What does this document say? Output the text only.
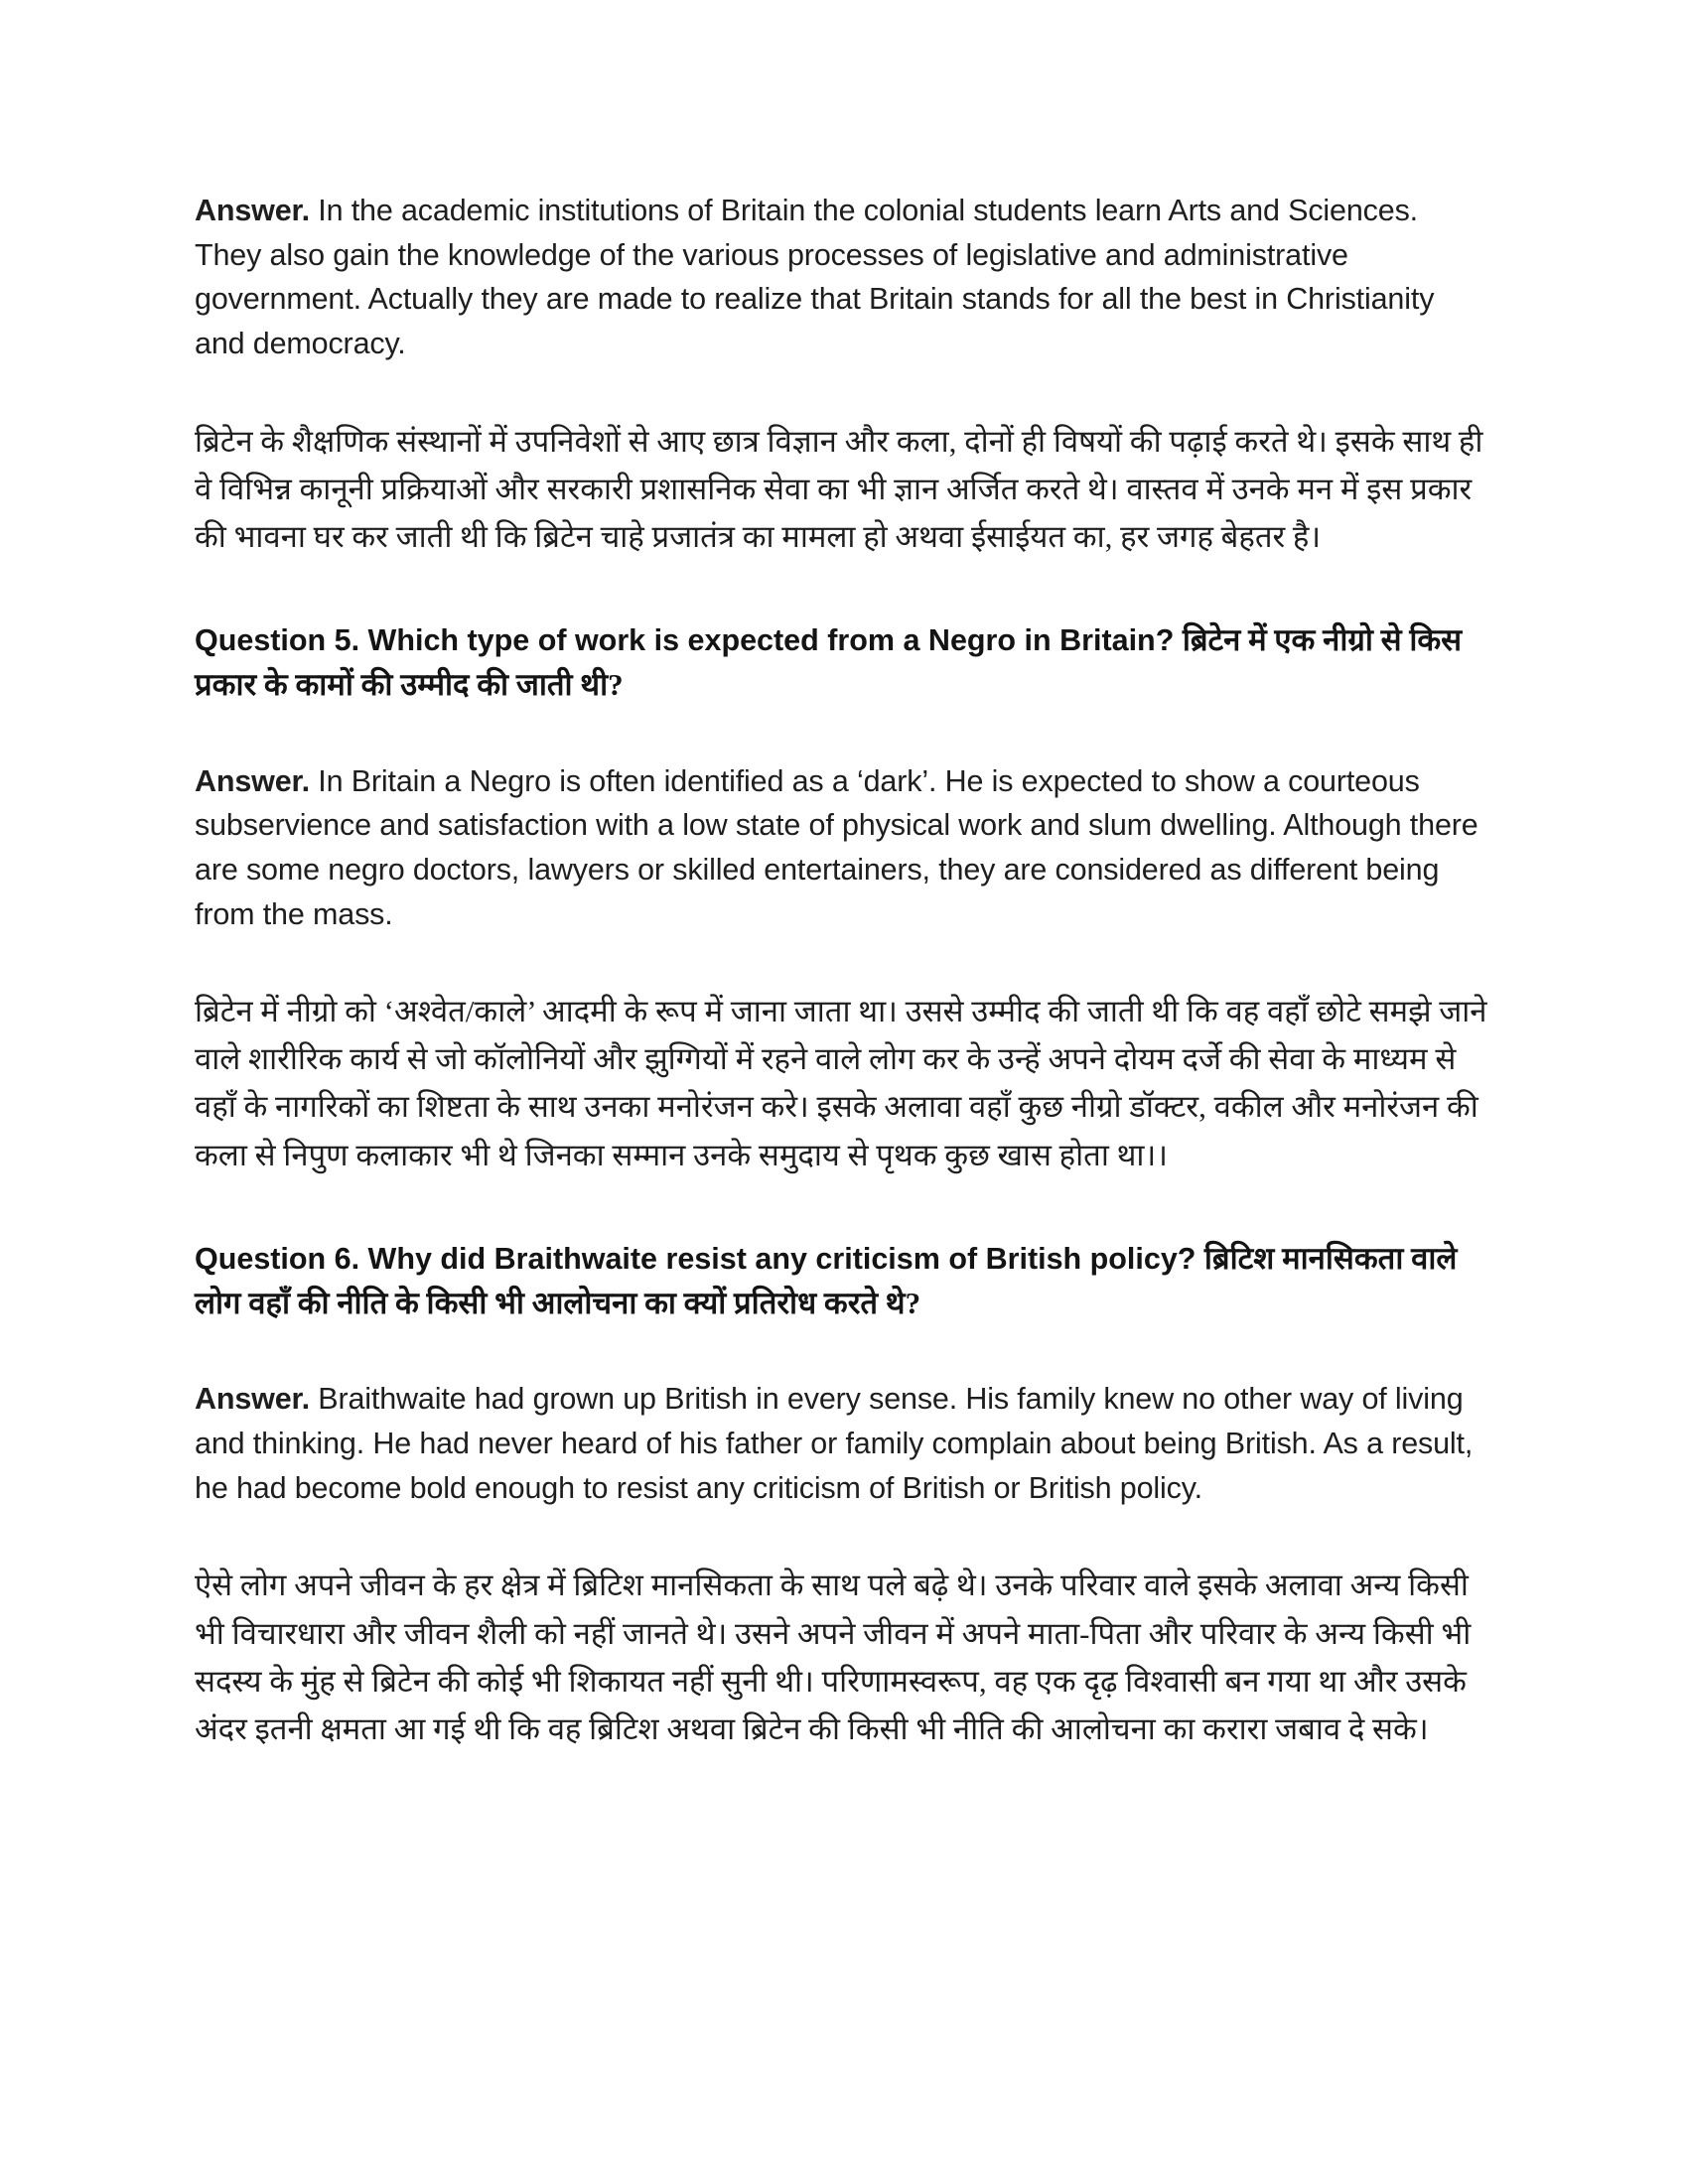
Answer. In the academic institutions of Britain the colonial students learn Arts and Sciences. They also gain the knowledge of the various processes of legislative and administrative government. Actually they are made to realize that Britain stands for all the best in Christianity and democracy.

ब्रिटेन के शैक्षणिक संस्थानों में उपनिवेशों से आए छात्र विज्ञान और कला, दोनों ही विषयों की पढ़ाई करते थे। इसके साथ ही वे विभिन्न कानूनी प्रक्रियाओं और सरकारी प्रशासनिक सेवा का भी ज्ञान अर्जित करते थे। वास्तव में उनके मन में इस प्रकार की भावना घर कर जाती थी कि ब्रिटेन चाहे प्रजातंत्र का मामला हो अथवा ईसाईयत का, हर जगह बेहतर है।

Question 5. Which type of work is expected from a Negro in Britain? ब्रिटेन में एक नीग्रो से किस प्रकार के कामों की उम्मीद की जाती थी?

Answer. In Britain a Negro is often identified as a ‘dark’. He is expected to show a courteous subservience and satisfaction with a low state of physical work and slum dwelling. Although there are some negro doctors, lawyers or skilled entertainers, they are considered as different being from the mass.

ब्रिटेन में नीग्रो को ‘अश्वेत/काले’ आदमी के रूप में जाना जाता था। उससे उम्मीद की जाती थी कि वह वहाँ छोटे समझे जाने वाले शारीरिक कार्य से जो कॉलोनियों और झुग्गियों में रहने वाले लोग कर के उन्हें अपने दोयम दर्जे की सेवा के माध्यम से वहाँ के नागरिकों का शिष्टता के साथ उनका मनोरंजन करे। इसके अलावा वहाँ कुछ नीग्रो डॉक्टर, वकील और मनोरंजन की कला से निपुण कलाकार भी थे जिनका सम्मान उनके समुदाय से पृथक कुछ खास होता था।।

Question 6. Why did Braithwaite resist any criticism of British policy? ब्रिटिश मानसिकता वाले लोग वहाँ की नीति के किसी भी आलोचना का क्यों प्रतिरोध करते थे?

Answer. Braithwaite had grown up British in every sense. His family knew no other way of living and thinking. He had never heard of his father or family complain about being British. As a result, he had become bold enough to resist any criticism of British or British policy.

ऐसे लोग अपने जीवन के हर क्षेत्र में ब्रिटिश मानसिकता के साथ पले बढ़े थे। उनके परिवार वाले इसके अलावा अन्य किसी भी विचारधारा और जीवन शैली को नहीं जानते थे। उसने अपने जीवन में अपने माता-पिता और परिवार के अन्य किसी भी सदस्य के मुंह से ब्रिटेन की कोई भी शिकायत नहीं सुनी थी। परिणामस्वरूप, वह एक दृढ़ विश्वासी बन गया था और उसके अंदर इतनी क्षमता आ गई थी कि वह ब्रिटिश अथवा ब्रिटेन की किसी भी नीति की आलोचना का करारा जबाव दे सके।
